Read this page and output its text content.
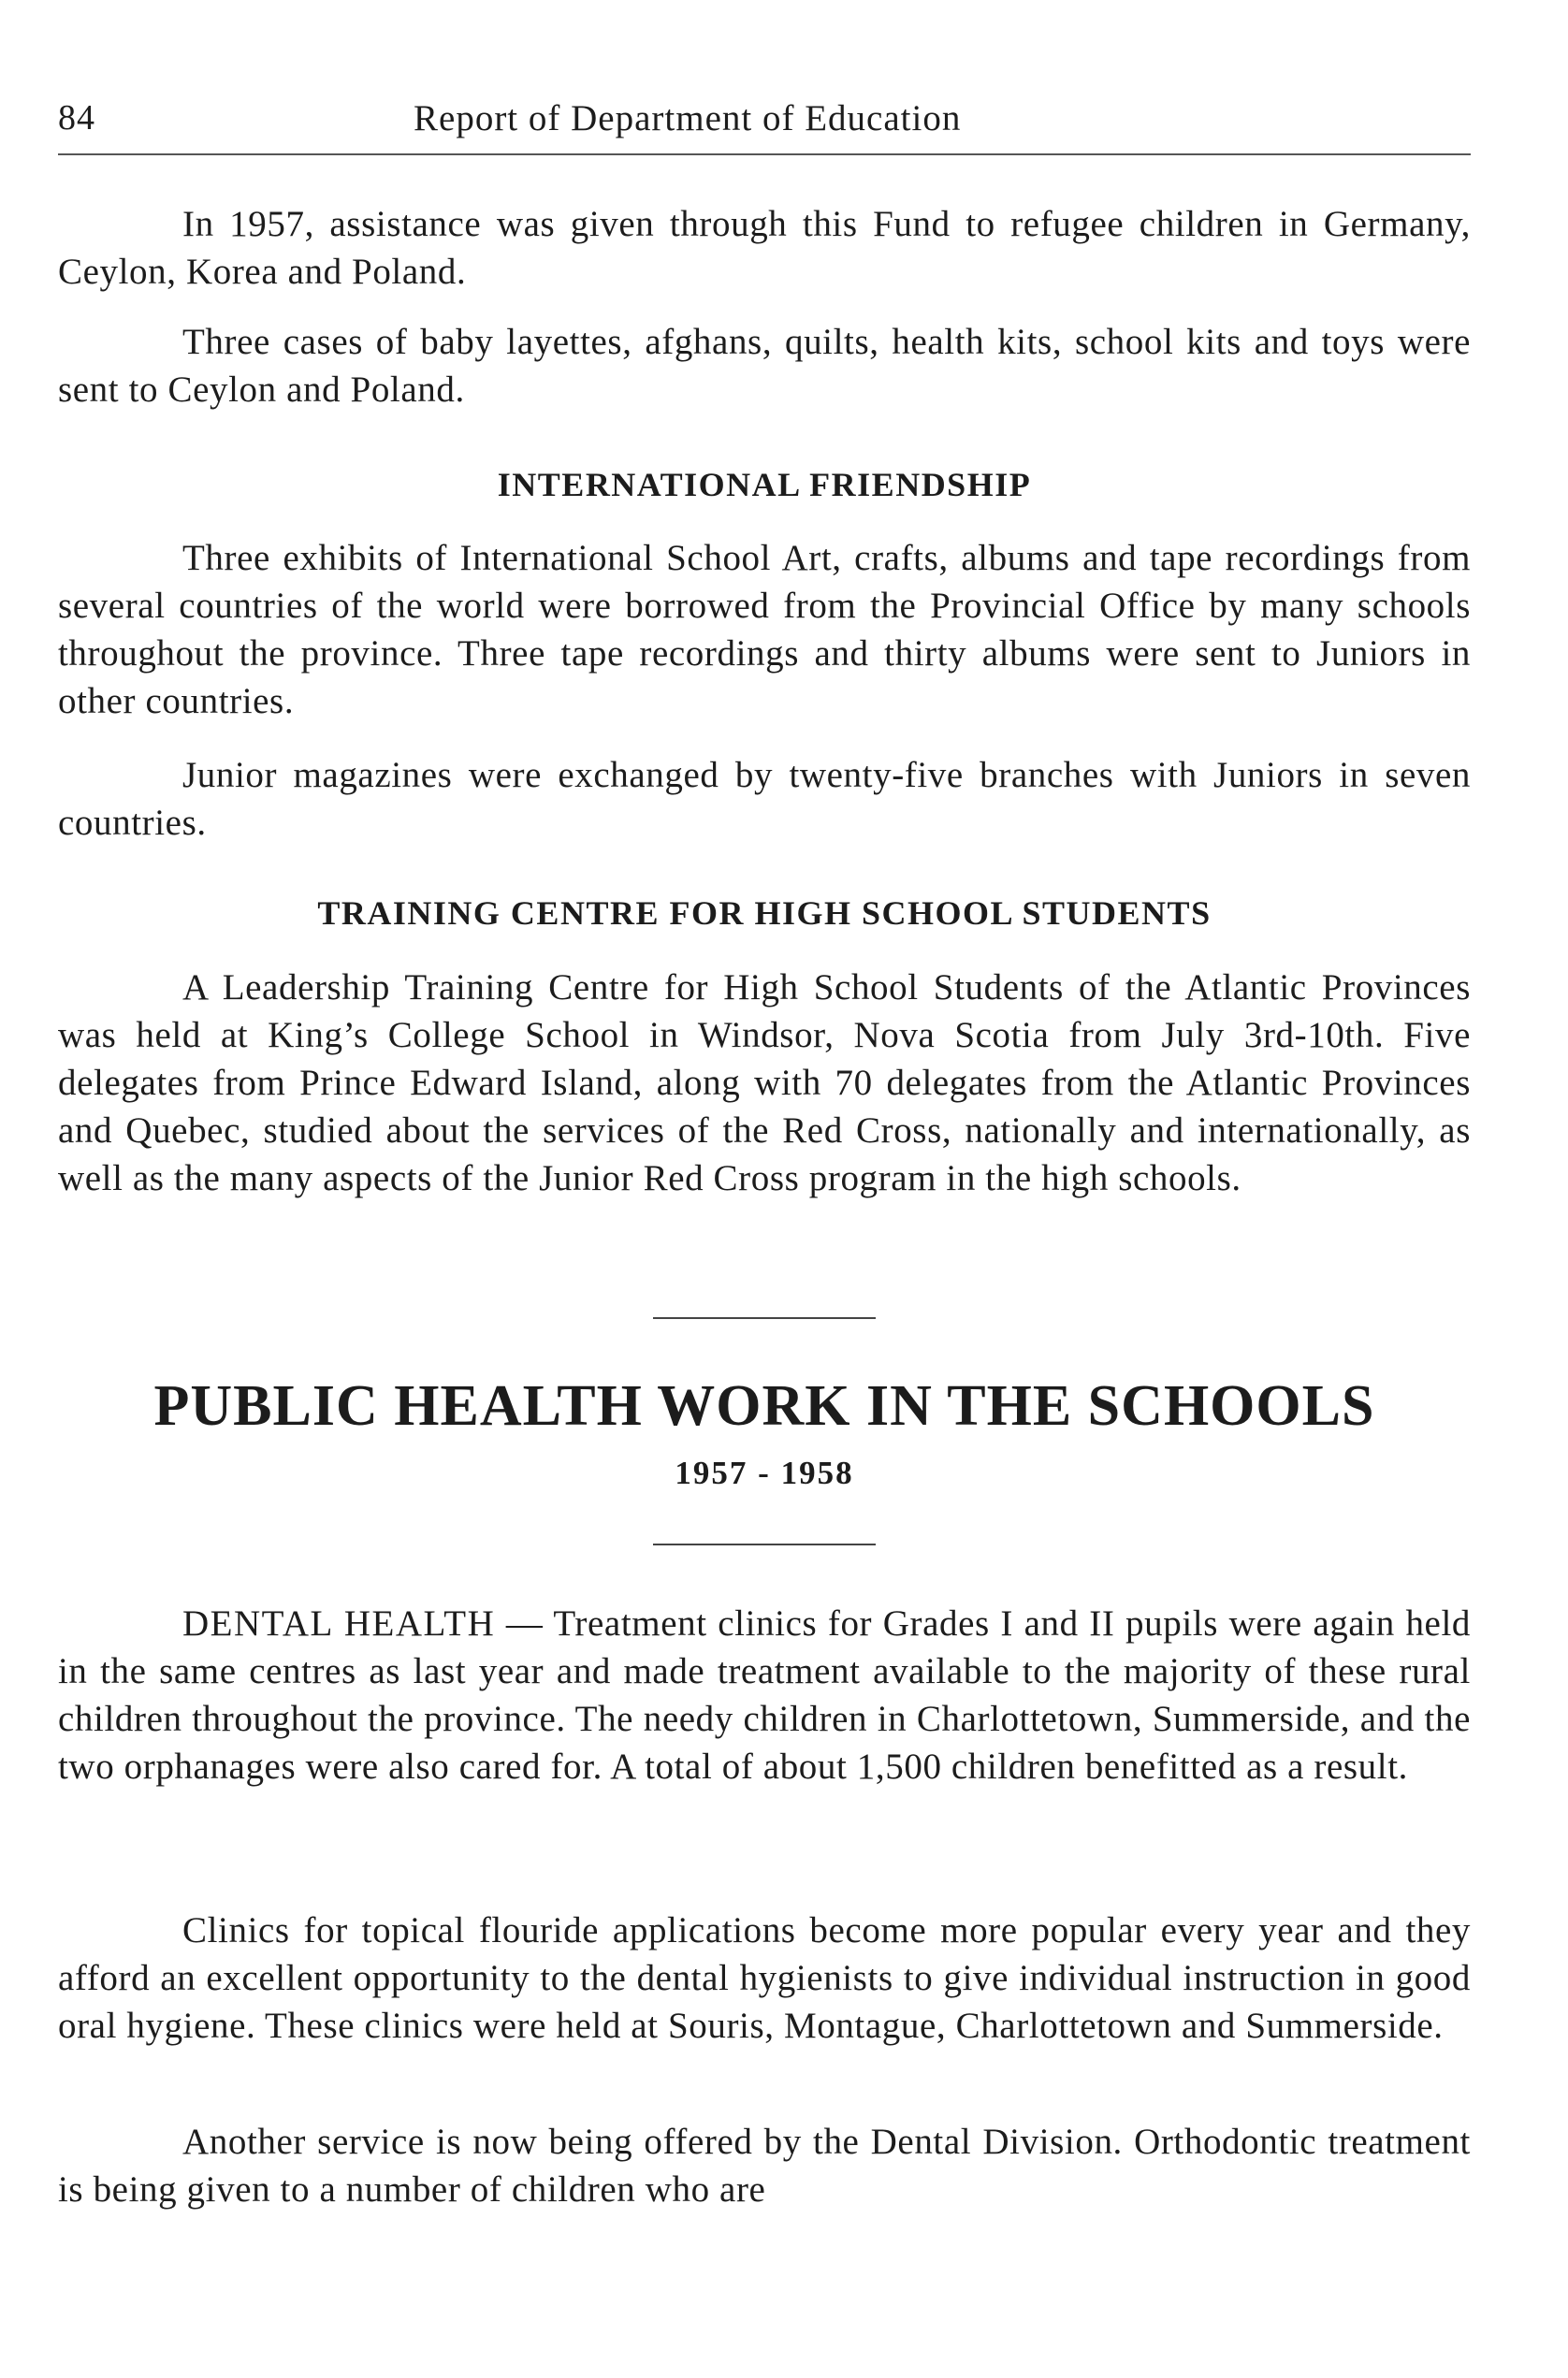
84	Report of Department of Education

In 1957, assistance was given through this Fund to refugee children in Germany, Ceylon, Korea and Poland.

Three cases of baby layettes, afghans, quilts, health kits, school kits and toys were sent to Ceylon and Poland.

INTERNATIONAL FRIENDSHIP

Three exhibits of International School Art, crafts, albums and tape recordings from several countries of the world were borrowed from the Provincial Office by many schools throughout the province. Three tape recordings and thirty albums were sent to Juniors in other countries.

Junior magazines were exchanged by twenty-five branches with Juniors in seven countries.

TRAINING CENTRE FOR HIGH SCHOOL STUDENTS

A Leadership Training Centre for High School Students of the Atlantic Provinces was held at King’s College School in Windsor, Nova Scotia from July 3rd-10th. Five delegates from Prince Edward Island, along with 70 delegates from the Atlantic Provinces and Quebec, studied about the services of the Red Cross, nationally and internationally, as well as the many aspects of the Junior Red Cross program in the high schools.

PUBLIC HEALTH WORK IN THE SCHOOLS
1957 - 1958

DENTAL HEALTH — Treatment clinics for Grades I and II pupils were again held in the same centres as last year and made treatment available to the majority of these rural children throughout the province. The needy children in Charlottetown, Summerside, and the two orphanages were also cared for. A total of about 1,500 children benefitted as a result.

Clinics for topical flouride applications become more popular every year and they afford an excellent opportunity to the dental hygienists to give individual instruction in good oral hygiene. These clinics were held at Souris, Montague, Charlottetown and Summerside.

Another service is now being offered by the Dental Division. Orthodontic treatment is being given to a number of children who are
